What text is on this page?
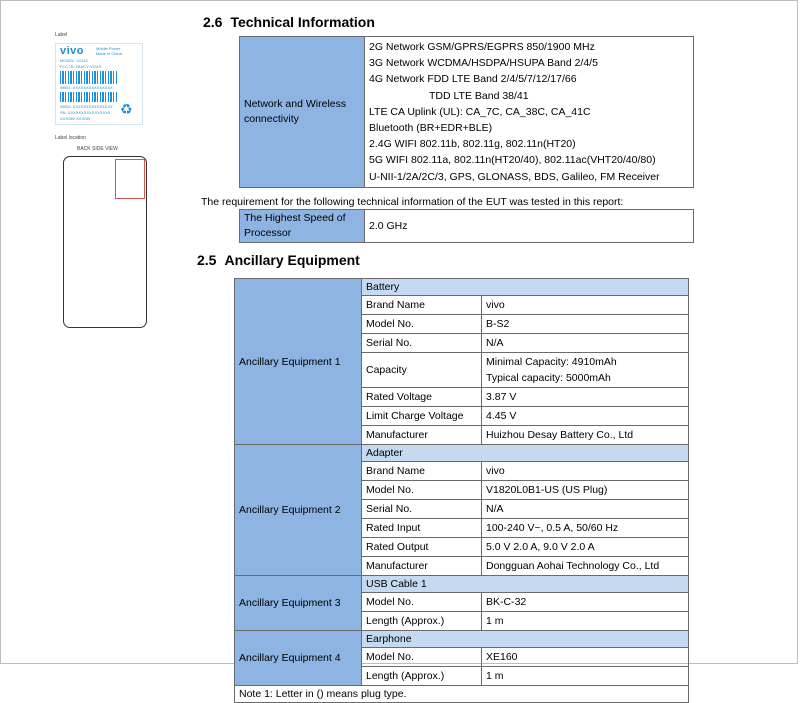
Label
vivo	Mobile Phone
Made in China
MODEL: V2110
FCC ID: 2AUCY V2110
IMEI1: XXXXXXXXXXXXXXX
IMEI2: XXXXXXXXXXXXXXX
SN: XXXXXXXXXXXXXXXX
XXXGB+XXXGB
♻
Label location
BACK SIDE VIEW
2.6 Technical Information
Network and Wireless connectivity	
2G Network GSM/GPRS/EGPRS 850/1900 MHz
3G Network WCDMA/HSDPA/HSUPA Band 2/4/5
4G Network FDD LTE Band 2/4/5/7/12/17/66
TDD LTE Band 38/41
LTE CA Uplink (UL): CA_7C, CA_38C, CA_41C
Bluetooth (BR+EDR+BLE)
2.4G WIFI 802.11b, 802.11g, 802.11n(HT20)
5G WIFI 802.11a, 802.11n(HT20/40), 802.11ac(VHT20/40/80)
U-NII-1/2A/2C/3, GPS, GLONASS, BDS, Galileo, FM Receiver
The requirement for the following technical information of the EUT was tested in this report:
The Highest Speed of
Processor
	2.0 GHz
2.5 Ancillary Equipment
Ancillary Equipment 1	Battery	
	Brand Name	vivo

	Model No.	B-S2

	Serial No.	N/A

	Capacity	Minimal Capacity: 4910mAh
Typical capacity: 5000mAh

	Rated Voltage	3.87 V

	Limit Charge Voltage	4.45 V

	Manufacturer	Huizhou Desay Battery Co., Ltd

Ancillary Equipment 2	Adapter	
	Brand Name	vivo

	Model No.	V1820L0B1-US (US Plug)

	Serial No.	N/A

	Rated Input	100-240 V~, 0.5 A, 50/60 Hz

	Rated Output	5.0 V 2.0 A, 9.0 V 2.0 A

	Manufacturer	Dongguan Aohai Technology Co., Ltd

Ancillary Equipment 3	USB Cable 1	
	Model No.	BK-C-32

	Length (Approx.)	1 m

Ancillary Equipment 4	Earphone	
	Model No.	XE160

	Length (Approx.)	1 m

Note 1: Letter in () means plug type.		
